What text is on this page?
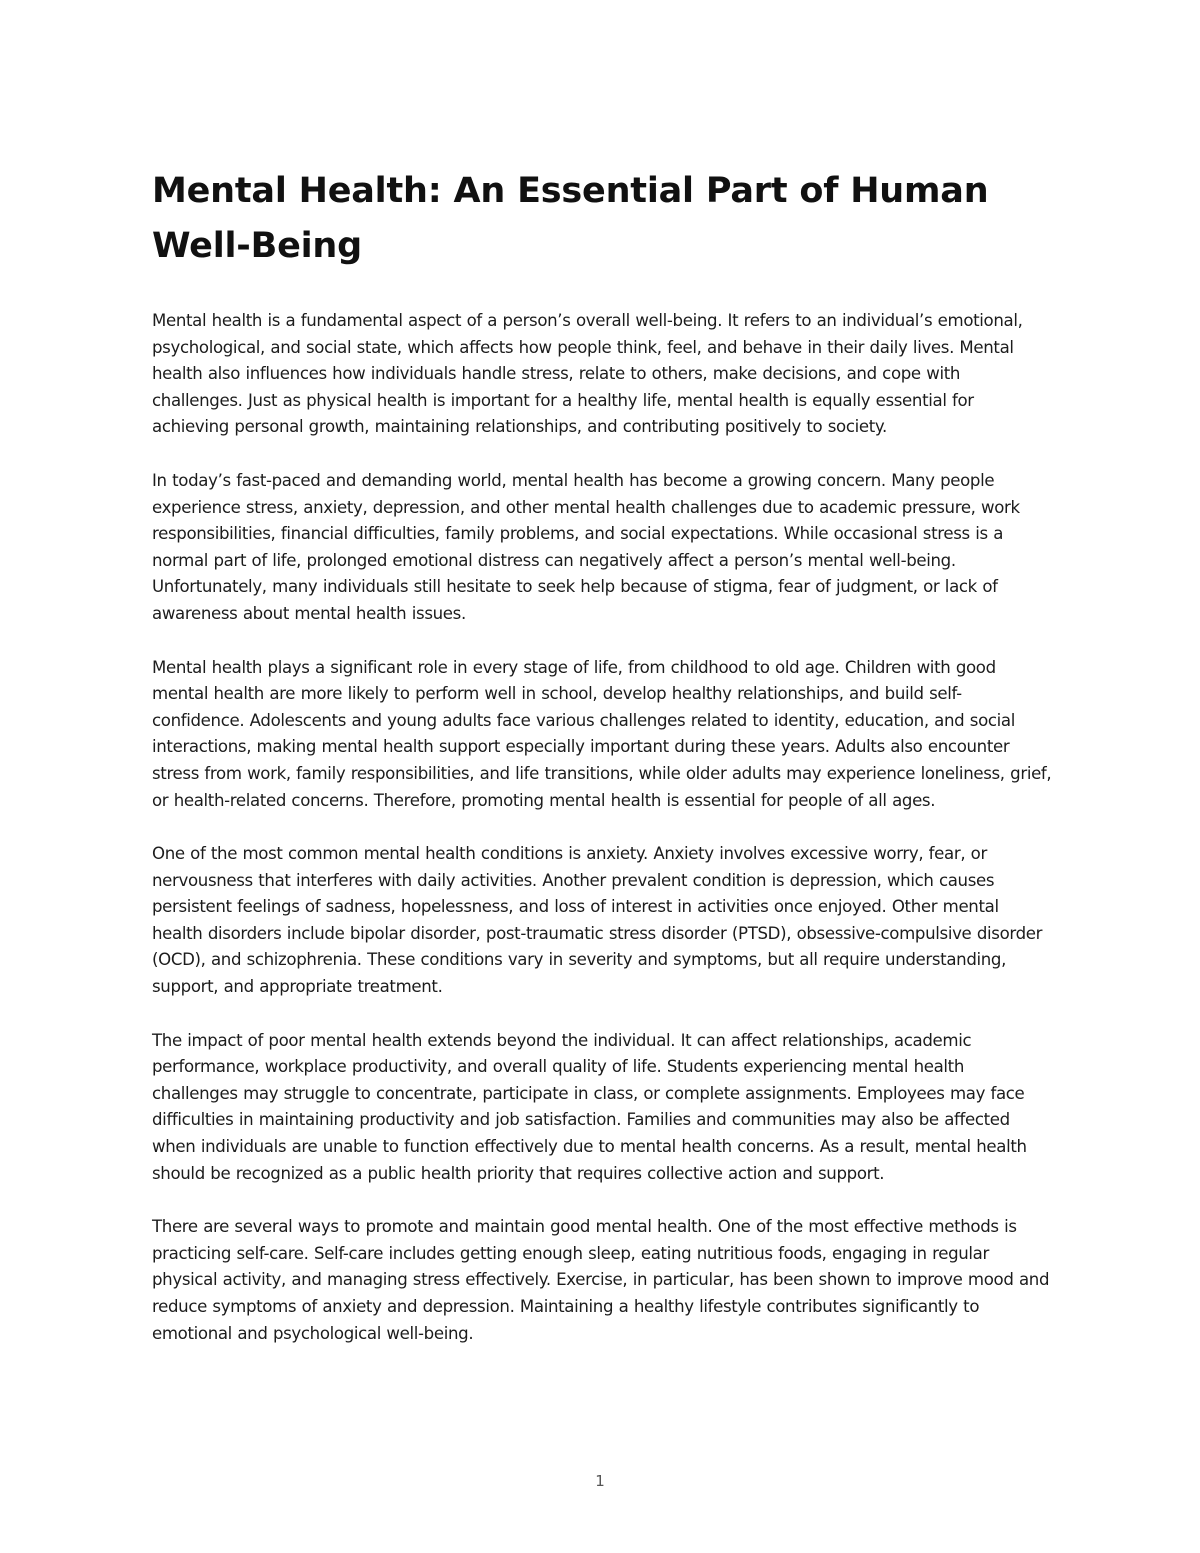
Mental Health: An Essential Part of Human Well-Being

Mental health is a fundamental aspect of a person’s overall well-being. It refers to an individual’s emotional, psychological, and social state, which affects how people think, feel, and behave in their daily lives. Mental health also influences how individuals handle stress, relate to others, make decisions, and cope with challenges. Just as physical health is important for a healthy life, mental health is equally essential for achieving personal growth, maintaining relationships, and contributing positively to society.

In today’s fast-paced and demanding world, mental health has become a growing concern. Many people experience stress, anxiety, depression, and other mental health challenges due to academic pressure, work responsibilities, financial difficulties, family problems, and social expectations. While occasional stress is a normal part of life, prolonged emotional distress can negatively affect a person’s mental well-being. Unfortunately, many individuals still hesitate to seek help because of stigma, fear of judgment, or lack of awareness about mental health issues.

Mental health plays a significant role in every stage of life, from childhood to old age. Children with good mental health are more likely to perform well in school, develop healthy relationships, and build self-confidence. Adolescents and young adults face various challenges related to identity, education, and social interactions, making mental health support especially important during these years. Adults also encounter stress from work, family responsibilities, and life transitions, while older adults may experience loneliness, grief, or health-related concerns. Therefore, promoting mental health is essential for people of all ages.

One of the most common mental health conditions is anxiety. Anxiety involves excessive worry, fear, or nervousness that interferes with daily activities. Another prevalent condition is depression, which causes persistent feelings of sadness, hopelessness, and loss of interest in activities once enjoyed. Other mental health disorders include bipolar disorder, post-traumatic stress disorder (PTSD), obsessive-compulsive disorder (OCD), and schizophrenia. These conditions vary in severity and symptoms, but all require understanding, support, and appropriate treatment.

The impact of poor mental health extends beyond the individual. It can affect relationships, academic performance, workplace productivity, and overall quality of life. Students experiencing mental health challenges may struggle to concentrate, participate in class, or complete assignments. Employees may face difficulties in maintaining productivity and job satisfaction. Families and communities may also be affected when individuals are unable to function effectively due to mental health concerns. As a result, mental health should be recognized as a public health priority that requires collective action and support.

There are several ways to promote and maintain good mental health. One of the most effective methods is practicing self-care. Self-care includes getting enough sleep, eating nutritious foods, engaging in regular physical activity, and managing stress effectively. Exercise, in particular, has been shown to improve mood and reduce symptoms of anxiety and depression. Maintaining a healthy lifestyle contributes significantly to emotional and psychological well-being.

1
